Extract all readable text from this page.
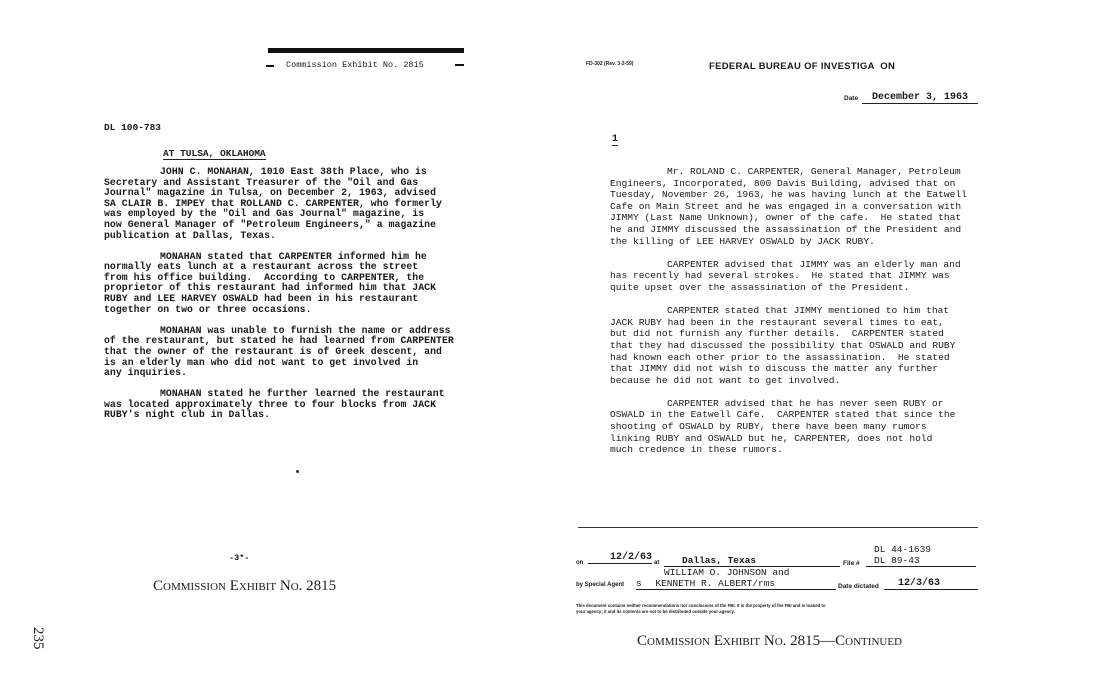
Commission Exhibit No. 2815
DL 100-783
AT TULSA, OKLAHOMA
JOHN C. MONAHAN, 1010 East 38th Place, who is
Secretary and Assistant Treasurer of the "Oil and Gas
Journal" magazine in Tulsa, on December 2, 1963, advised
SA CLAIR B. IMPEY that ROLLAND C. CARPENTER, who formerly
was employed by the "Oil and Gas Journal" magazine, is
now General Manager of "Petroleum Engineers," a magazine
publication at Dallas, Texas.
MONAHAN stated that CARPENTER informed him he
normally eats lunch at a restaurant across the street
from his office building.  According to CARPENTER, the
proprietor of this restaurant had informed him that JACK
RUBY and LEE HARVEY OSWALD had been in his restaurant
together on two or three occasions.
MONAHAN was unable to furnish the name or address
of the restaurant, but stated he had learned from CARPENTER
that the owner of the restaurant is of Greek descent, and
is an elderly man who did not want to get involved in
any inquiries.
MONAHAN stated he further learned the restaurant
was located approximately three to four blocks from JACK
RUBY's night club in Dallas.
-3*-
Commission Exhibit No. 2815
235
FD-302 (Rev. 3-3-59)	FEDERAL BUREAU OF INVESTIGA  ON
Date	December 3, 1963
1
Mr. ROLAND C. CARPENTER, General Manager, Petroleum
Engineers, Incorporated, 800 Davis Building, advised that on
Tuesday, November 26, 1963, he was having lunch at the Eatwell
Cafe on Main Street and he was engaged in a conversation with
JIMMY (Last Name Unknown), owner of the cafe.  He stated that
he and JIMMY discussed the assassination of the President and
the killing of LEE HARVEY OSWALD by JACK RUBY.
CARPENTER advised that JIMMY was an elderly man and
has recently had several strokes.  He stated that JIMMY was
quite upset over the assassination of the President.
CARPENTER stated that JIMMY mentioned to him that
JACK RUBY had been in the restaurant several times to eat,
but did not furnish any further details.  CARPENTER stated
that they had discussed the possibility that OSWALD and RUBY
had known each other prior to the assassination.  He stated
that JIMMY did not wish to discuss the matter any further
because he did not want to get involved.
CARPENTER advised that he has never seen RUBY or
OSWALD in the Eatwell Cafe.  CARPENTER stated that since the
shooting of OSWALD by RUBY, there have been many rumors
linking RUBY and OSWALD but he, CARPENTER, does not hold
much credence in these rumors.
on	12/2/63 at	Dallas, Texas	File #
DL 44-1639
DL 89-43
WILLIAM O. JOHNSON and
by Special Agent s KENNETH R. ALBERT/rms	Date dictated	12/3/63
This document contains neither recommendations nor conclusions of the FBI. It is the property of the FBI and is loaned to
your agency; it and its contents are not to be distributed outside your agency.
Commission Exhibit No. 2815—Continued
